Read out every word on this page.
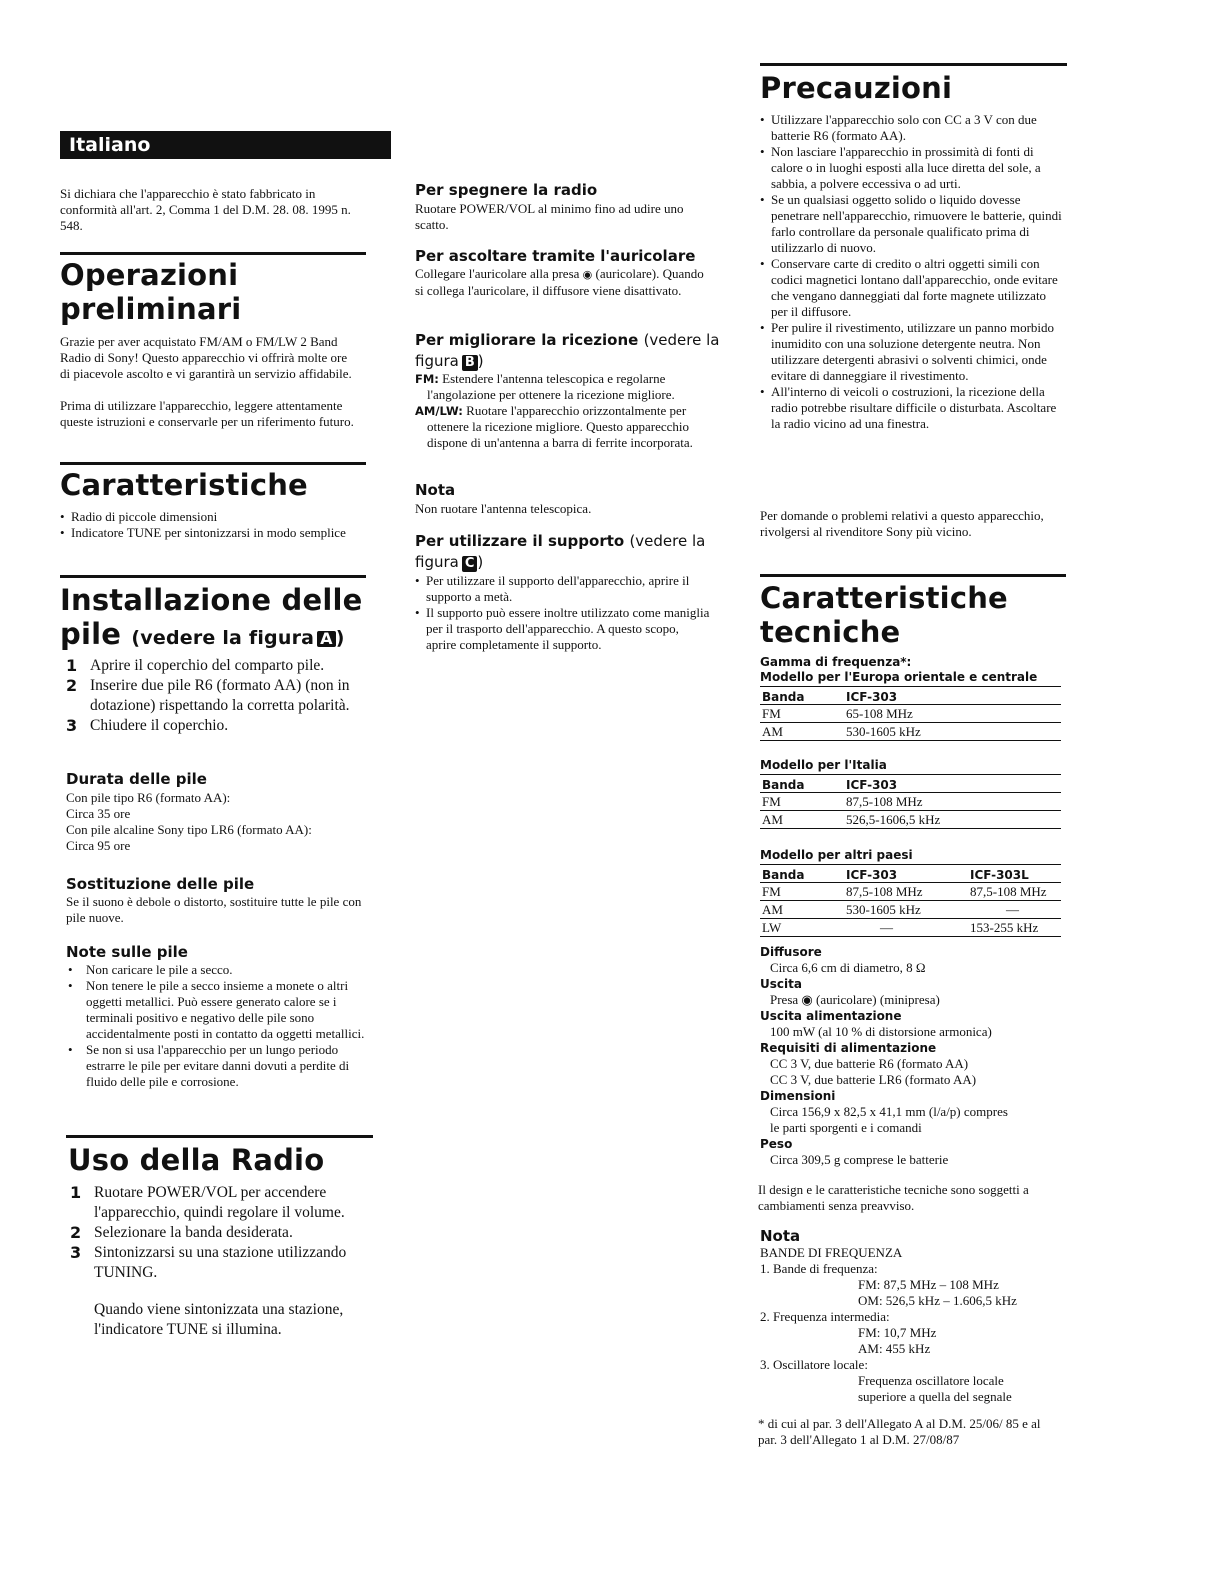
Italiano

Si dichiara che l'apparecchio è stato fabbricato in conformità all'art. 2, Comma 1 del D.M. 28. 08. 1995 n. 548.

Operazioni
preliminari

Grazie per aver acquistato FM/AM o FM/LW 2 Band Radio di Sony! Questo apparecchio vi offrirà molte ore di piacevole ascolto e vi garantirà un servizio affidabile.

Prima di utilizzare l'apparecchio, leggere attentamente queste istruzioni e conservarle per un riferimento futuro.

Caratteristiche
• Radio di piccole dimensioni
• Indicatore TUNE per sintonizzarsi in modo semplice
Installazione delle
pile (vedere la figura A )
1 Aprire il coperchio del comparto pile.
2 Inserire due pile R6 (formato AA) (non in dotazione) rispettando la corretta polarità.
3 Chiudere il coperchio.
Durata delle pile
Con pile tipo R6 (formato AA):
Circa 35 ore
Con pile alcaline Sony tipo LR6 (formato AA):
Circa 95 ore
Sostituzione delle pile

Se il suono è debole o distorto, sostituire tutte le pile con pile nuove.

Note sulle pile
• Non caricare le pile a secco.
• Non tenere le pile a secco insieme a monete o altri oggetti metallici. Può essere generato calore se i terminali positivo e negativo delle pile sono accidentalmente posti in contatto da oggetti metallici.
• Se non si usa l'apparecchio per un lungo periodo estrarre le pile per evitare danni dovuti a perdite di fluido delle pile e corrosione.
Uso della Radio
1 Ruotare POWER/VOL per accendere l'apparecchio, quindi regolare il volume.
2 Selezionare la banda desiderata.
3 Sintonizzarsi su una stazione utilizzando TUNING.

Quando viene sintonizzata una stazione, l'indicatore TUNE si illumina.

Per spegnere la radio

Ruotare POWER/VOL al minimo fino ad udire uno scatto.

Per ascoltare tramite l'auricolare

Collegare l'auricolare alla presa ◉ (auricolare). Quando si collega l'auricolare, il diffusore viene disattivato.

Per migliorare la ricezione (vedere la
figura B )
FM: Estendere l'antenna telescopica e regolarne l'angolazione per ottenere la ricezione migliore.
AM/LW: Ruotare l'apparecchio orizzontalmente per ottenere la ricezione migliore. Questo apparecchio dispone di un'antenna a barra di ferrite incorporata.
Nota

Non ruotare l'antenna telescopica.

Per utilizzare il supporto (vedere la
figura C )
• Per utilizzare il supporto dell'apparecchio, aprire il supporto a metà.
• Il supporto può essere inoltre utilizzato come maniglia per il trasporto dell'apparecchio. A questo scopo, aprire completamente il supporto.
Precauzioni
• Utilizzare l'apparecchio solo con CC a 3 V con due batterie R6 (formato AA).
• Non lasciare l'apparecchio in prossimità di fonti di calore o in luoghi esposti alla luce diretta del sole, a sabbia, a polvere eccessiva o ad urti.
• Se un qualsiasi oggetto solido o liquido dovesse penetrare nell'apparecchio, rimuovere le batterie, quindi farlo controllare da personale qualificato prima di utilizzarlo di nuovo.
• Conservare carte di credito o altri oggetti simili con codici magnetici lontano dall'apparecchio, onde evitare che vengano danneggiati dal forte magnete utilizzato per il diffusore.
• Per pulire il rivestimento, utilizzare un panno morbido inumidito con una soluzione detergente neutra. Non utilizzare detergenti abrasivi o solventi chimici, onde evitare di danneggiare il rivestimento.
• All'interno di veicoli o costruzioni, la ricezione della radio potrebbe risultare difficile o disturbata. Ascoltare la radio vicino ad una finestra.

Per domande o problemi relativi a questo apparecchio, rivolgersi al rivenditore Sony più vicino.

Caratteristiche
tecniche
Gamma di frequenza*:
Modello per l'Europa orientale e centrale
Banda	ICF-303
FM	65-108 MHz
AM	530-1605 kHz
Modello per l'Italia
Banda	ICF-303
FM	87,5-108 MHz
AM	526,5-1606,5 kHz
Modello per altri paesi
Banda	ICF-303	ICF-303L
FM	87,5-108 MHz	87,5-108 MHz
AM	530-1605 kHz	—
LW	—	153-255 kHz
Diffusore
Circa 6,6 cm di diametro, 8 Ω
Uscita
Presa ◉ (auricolare) (minipresa)
Uscita alimentazione
100 mW (al 10 % di distorsione armonica)
Requisiti di alimentazione
CC 3 V, due batterie R6 (formato AA)
CC 3 V, due batterie LR6 (formato AA)
Dimensioni
Circa 156,9 x 82,5 x 41,1 mm (l/a/p) compres
le parti sporgenti e i comandi
Peso
Circa 309,5 g comprese le batterie

Il design e le caratteristiche tecniche sono soggetti a cambiamenti senza preavviso.

Nota
BANDE DI FREQUENZA
1. Bande di frequenza:
FM: 87,5 MHz – 108 MHz
OM: 526,5 kHz – 1.606,5 kHz
2. Frequenza intermedia:
FM: 10,7 MHz
AM: 455 kHz
3. Oscillatore locale:
Frequenza oscillatore locale
superiore a quella del segnale

* di cui al par. 3 dell'Allegato A al D.M. 25/06/ 85 e al par. 3 dell'Allegato 1 al D.M. 27/08/87
